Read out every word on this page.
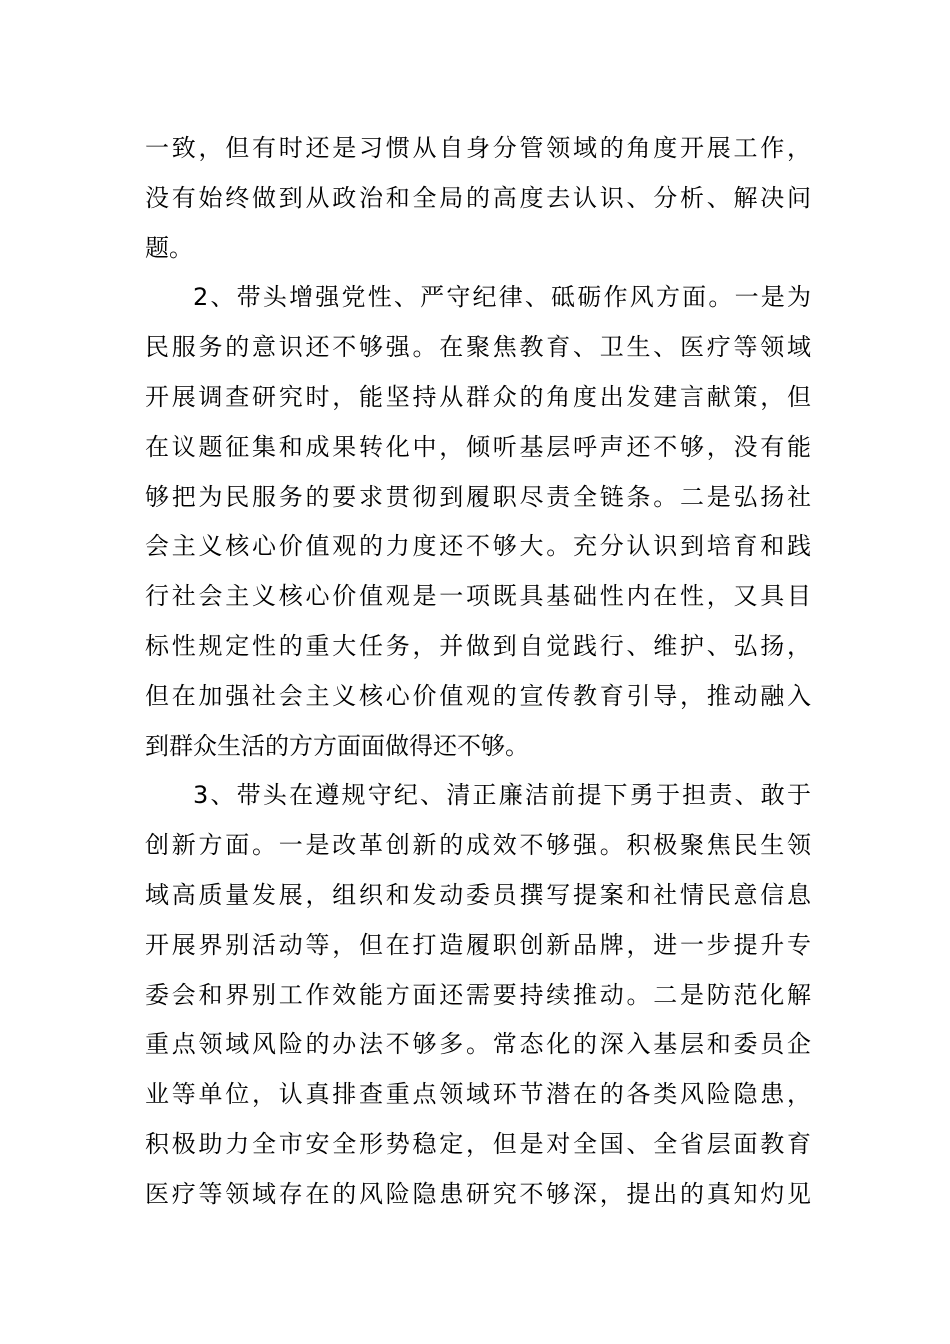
一致，但有时还是习惯从自身分管领域的角度开展工作，
没有始终做到从政治和全局的高度去认识、分析、解决问
题。
2、带头增强党性、严守纪律、砥砺作风方面。一是为
民服务的意识还不够强。在聚焦教育、卫生、医疗等领域
开展调查研究时，能坚持从群众的角度出发建言献策，但
在议题征集和成果转化中，倾听基层呼声还不够，没有能
够把为民服务的要求贯彻到履职尽责全链条。二是弘扬社
会主义核心价值观的力度还不够大。充分认识到培育和践
行社会主义核心价值观是一项既具基础性内在性，又具目
标性规定性的重大任务，并做到自觉践行、维护、弘扬，
但在加强社会主义核心价值观的宣传教育引导，推动融入
到群众生活的方方面面做得还不够。
3、带头在遵规守纪、清正廉洁前提下勇于担责、敢于
创新方面。一是改革创新的成效不够强。积极聚焦民生领
域高质量发展，组织和发动委员撰写提案和社情民意信息
开展界别活动等，但在打造履职创新品牌，进一步提升专
委会和界别工作效能方面还需要持续推动。二是防范化解
重点领域风险的办法不够多。常态化的深入基层和委员企
业等单位，认真排查重点领域环节潜在的各类风险隐患，
积极助力全市安全形势稳定，但是对全国、全省层面教育
医疗等领域存在的风险隐患研究不够深，提出的真知灼见
